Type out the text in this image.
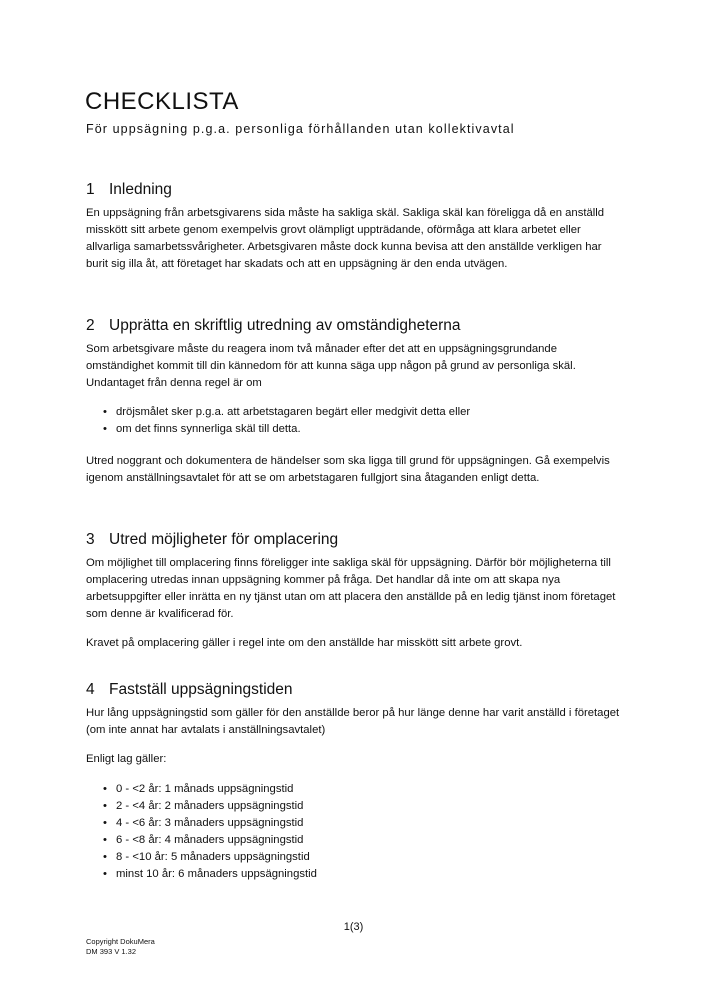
CHECKLISTA
För uppsägning p.g.a. personliga förhållanden utan kollektivavtal
1 Inledning

En uppsägning från arbetsgivarens sida måste ha sakliga skäl. Sakliga skäl kan föreligga då en anställd misskött sitt arbete genom exempelvis grovt olämpligt uppträdande, oförmåga att klara arbetet eller allvarliga samarbetssvårigheter. Arbetsgivaren måste dock kunna bevisa att den anställde verkligen har burit sig illa åt, att företaget har skadats och att en uppsägning är den enda utvägen.

2 Upprätta en skriftlig utredning av omständigheterna

Som arbetsgivare måste du reagera inom två månader efter det att en uppsägningsgrundande omständighet kommit till din kännedom för att kunna säga upp någon på grund av personliga skäl. Undantaget från denna regel är om

• dröjsmålet sker p.g.a. att arbetstagaren begärt eller medgivit detta eller
• om det finns synnerliga skäl till detta.

Utred noggrant och dokumentera de händelser som ska ligga till grund för uppsägningen. Gå exempelvis igenom anställningsavtalet för att se om arbetstagaren fullgjort sina åtaganden enligt detta.

3 Utred möjligheter för omplacering

Om möjlighet till omplacering finns föreligger inte sakliga skäl för uppsägning. Därför bör möjligheterna till omplacering utredas innan uppsägning kommer på fråga. Det handlar då inte om att skapa nya arbetsuppgifter eller inrätta en ny tjänst utan om att placera den anställde på en ledig tjänst inom företaget som denne är kvalificerad för.

Kravet på omplacering gäller i regel inte om den anställde har misskött sitt arbete grovt.

4 Fastställ uppsägningstiden

Hur lång uppsägningstid som gäller för den anställde beror på hur länge denne har varit anställd i företaget (om inte annat har avtalats i anställningsavtalet)

Enligt lag gäller:

• 0 - <2 år: 1 månads uppsägningstid
• 2 - <4 år: 2 månaders uppsägningstid
• 4 - <6 år: 3 månaders uppsägningstid
• 6 - <8 år: 4 månaders uppsägningstid
• 8 - <10 år: 5 månaders uppsägningstid
• minst 10 år: 6 månaders uppsägningstid
1(3)
Copyright DokuMera
DM 393 V 1.32
